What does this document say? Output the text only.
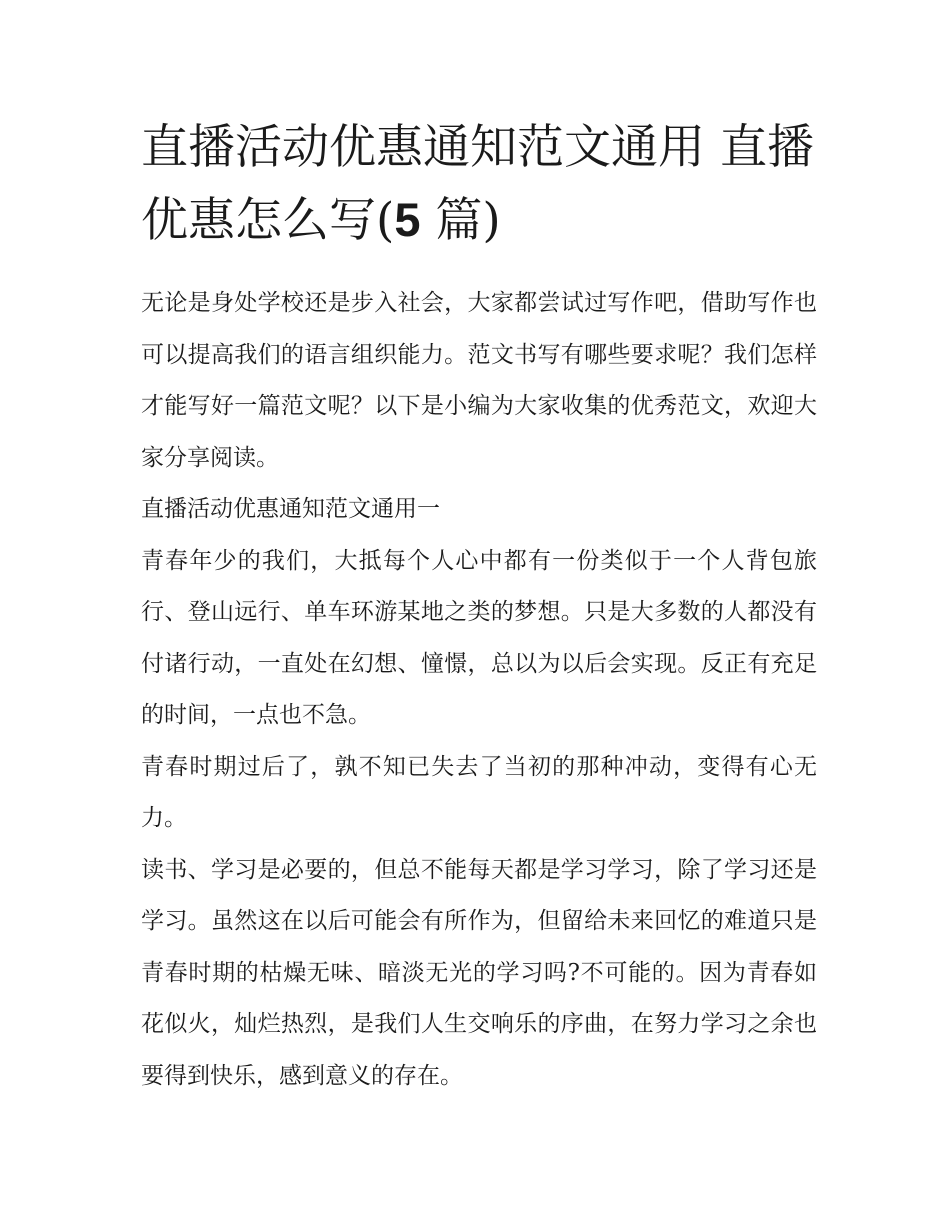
直播活动优惠通知范文通用 直播优惠怎么写(5 篇)

无论是身处学校还是步入社会，大家都尝试过写作吧，借助写作也可以提高我们的语言组织能力。范文书写有哪些要求呢？我们怎样才能写好一篇范文呢？以下是小编为大家收集的优秀范文，欢迎大家分享阅读。

直播活动优惠通知范文通用一

青春年少的我们，大抵每个人心中都有一份类似于一个人背包旅行、登山远行、单车环游某地之类的梦想。只是大多数的人都没有付诸行动，一直处在幻想、憧憬，总以为以后会实现。反正有充足的时间，一点也不急。

青春时期过后了，孰不知已失去了当初的那种冲动，变得有心无力。

读书、学习是必要的，但总不能每天都是学习学习，除了学习还是学习。虽然这在以后可能会有所作为，但留给未来回忆的难道只是青春时期的枯燥无味、暗淡无光的学习吗?不可能的。因为青春如花似火，灿烂热烈，是我们人生交响乐的序曲，在努力学习之余也要得到快乐，感到意义的存在。
